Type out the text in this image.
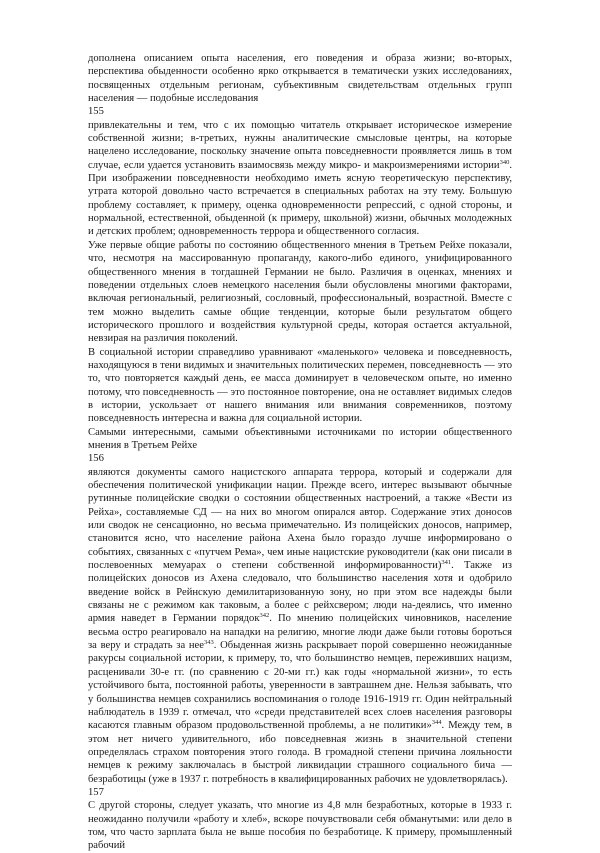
дополнена описанием опыта населения, его поведения и образа жизни; во-вторых, перспектива обыденности особенно ярко открывается в тематически узких исследованиях, посвященных отдельным регионам, субъективным свидетельствам отдельных групп населения — подобные исследования

155

привлекательны и тем, что с их помощью читатель открывает историческое измерение собственной жизни; в-третьих, нужны аналитические смысловые центры, на которые нацелено исследование, поскольку значение опыта повседневности проявляется лишь в том случае, если удается установить взаимосвязь между микро- и макроизмерениями истории$^{340}$. При изображении повседневности необходимо иметь ясную теоретическую перспективу, утрата которой довольно часто встречается в специальных работах на эту тему. Большую проблему составляет, к примеру, оценка одновременности репрессий, с одной стороны, и нормальной, естественной, обыденной (к примеру, школьной) жизни, обычных молодежных и детских проблем; одновременность террора и общественного согласия.

Уже первые общие работы по состоянию общественного мнения в Третьем Рейхе показали, что, несмотря на массированную пропаганду, какого-либо единого, унифицированного общественного мнения в тогдашней Германии не было. Различия в оценках, мнениях и поведении отдельных слоев немецкого населения были обусловлены многими факторами, включая региональный, религиозный, сословный, профессиональный, возрастной. Вместе с тем можно выделить самые общие тенденции, которые были результатом общего исторического прошлого и воздействия культурной среды, которая остается актуальной, невзирая на различия поколений.

В социальной истории справедливо уравнивают «маленького» человека и повседневность, находящуюся в тени видимых и значительных политических перемен, повседневность — это то, что повторяется каждый день, ее масса доминирует в человеческом опыте, но именно потому, что повседневность — это постоянное повторение, она не оставляет видимых следов в истории, ускользает от нашего внимания или внимания современников, поэтому повседневность интересна и важна для социальной истории.

Самыми интересными, самыми объективными источниками по истории общественного мнения в Третьем Рейхе

156

являются документы самого нацистского аппарата террора, который и содержали для обеспечения политической унификации нации. Прежде всего, интерес вызывают обычные рутинные полицейские сводки о состоянии общественных настроений, а также «Вести из Рейха», составляемые СД — на них во многом опирался автор. Содержание этих доносов или сводок не сенсационно, но весьма примечательно. Из полицейских доносов, например, становится ясно, что население района Ахена было гораздо лучше информировано о событиях, связанных с «путчем Рема», чем иные нацистские руководители (как они писали в послевоенных мемуарах о степени собственной информированности)$^{341}$. Также из полицейских доносов из Ахена следовало, что большинство населения хотя и одобрило введение войск в Рейнскую демилитаризованную зону, но при этом все надежды были связаны не с режимом как таковым, а более с рейхсвером; люди на-деялись, что именно армия наведет в Германии порядок$^{342}$. По мнению полицейских чиновников, население весьма остро реагировало на нападки на религию, многие люди даже были готовы бороться за веру и страдать за нее$^{343}$. Обыденная жизнь раскрывает порой совершенно неожиданные ракурсы социальной истории, к примеру, то, что большинство немцев, переживших нацизм, расценивали 30-е гг. (по сравнению с 20-ми гг.) как годы «нормальной жизни», то есть устойчивого быта, постоянной работы, уверенности в завтрашнем дне. Нельзя забывать, что у большинства немцев сохранились воспоминания о голоде 1916-1919 гг. Один нейтральный наблюдатель в 1939 г. отмечал, что «среди представителей всех слоев населения разговоры касаются главным образом продовольственной проблемы, а не политики»$^{344}$. Между тем, в этом нет ничего удивительного, ибо повседневная жизнь в значительной степени определялась страхом повторения этого голода. В громадной степени причина лояльности немцев к режиму заключалась в быстрой ликвидации страшного социального бича — безработицы (уже в 1937 г. потребность в квалифицированных рабочих не удовлетворялась).

157

С другой стороны, следует указать, что многие из 4,8 млн безработных, которые в 1933 г. неожиданно получили «работу и хлеб», вскоре почувствовали себя обманутыми: или дело в том, что часто зарплата была не выше пособия по безработице. К примеру, промышленный рабочий
